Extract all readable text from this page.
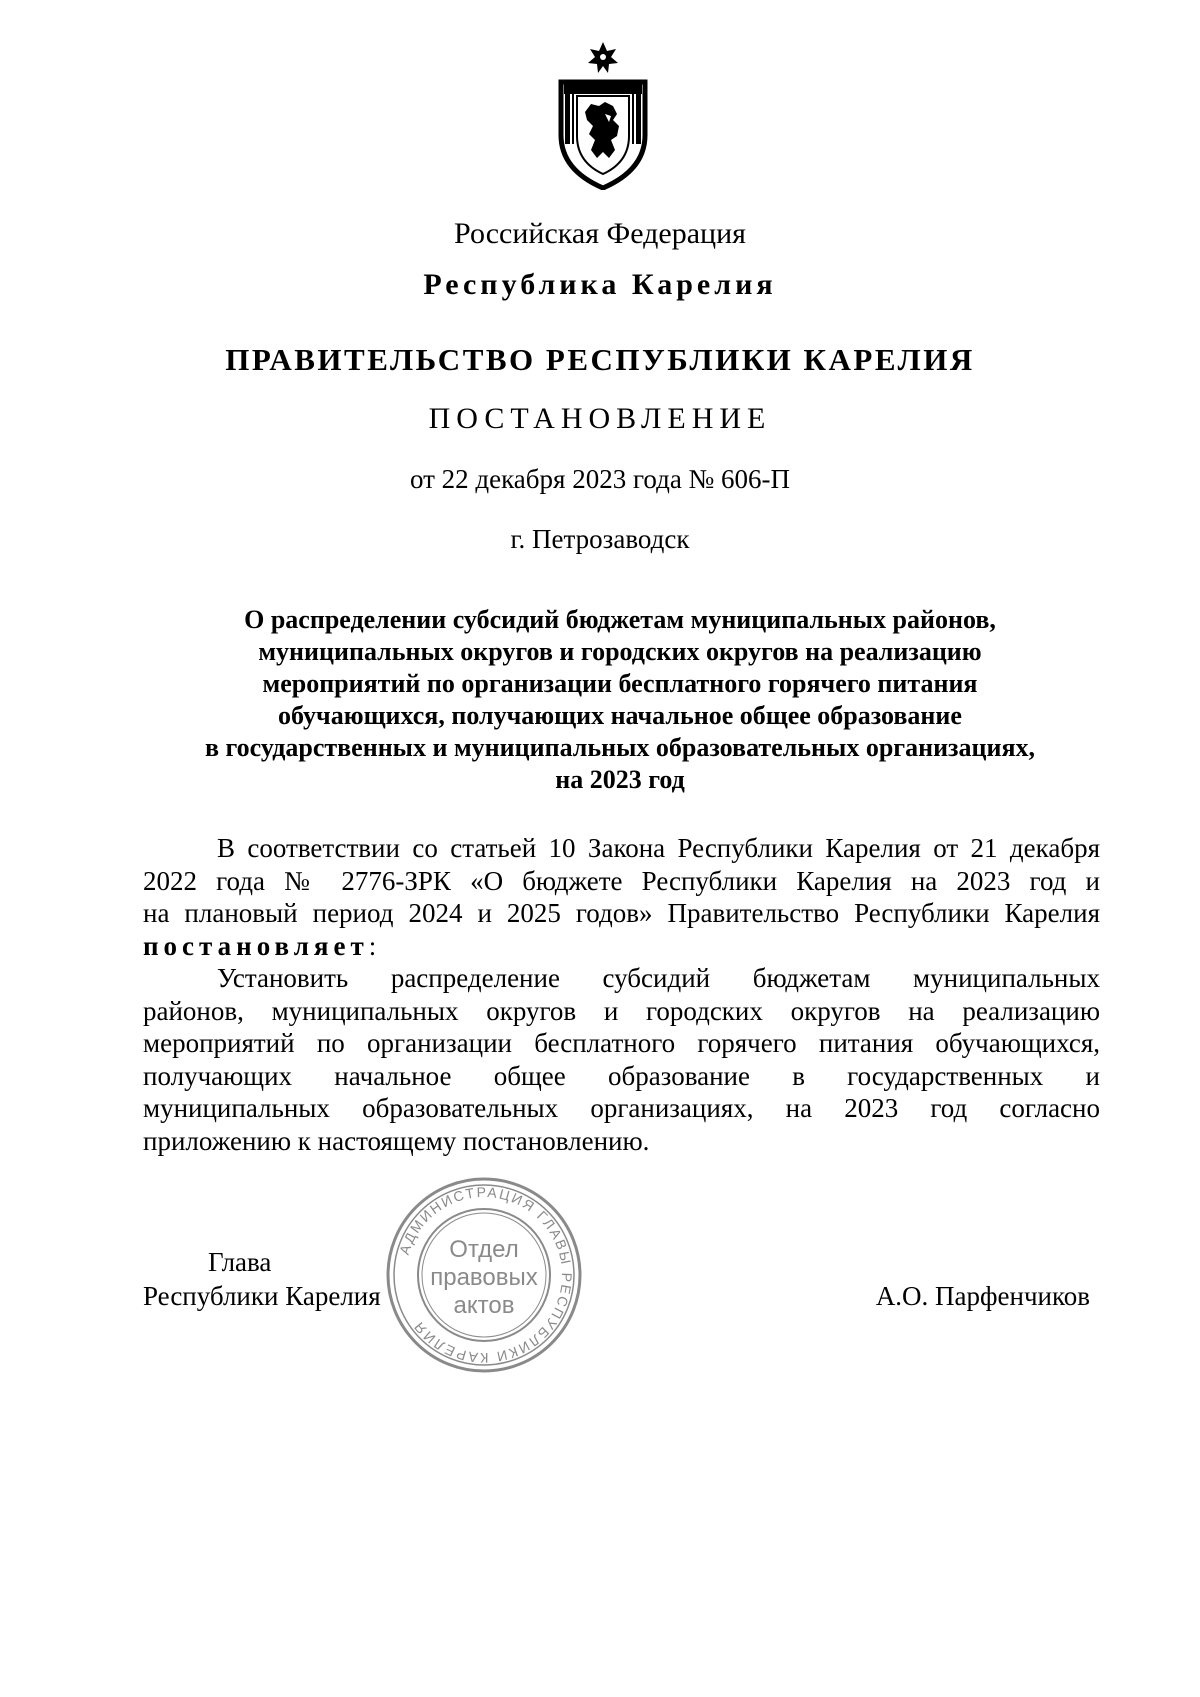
Российская Федерация
Республика Карелия
ПРАВИТЕЛЬСТВО РЕСПУБЛИКИ КАРЕЛИЯ
ПОСТАНОВЛЕНИЕ
от 22 декабря 2023 года № 606-П
г. Петрозаводск
О распределении субсидий бюджетам муниципальных районов,
муниципальных округов и городских округов на реализацию
мероприятий по организации бесплатного горячего питания
обучающихся, получающих начальное общее образование
в государственных и муниципальных образовательных организациях,
на 2023 год
В соответствии со статьей 10 Закона Республики Карелия от 21 декабря
2022 года № 2776-ЗРК «О бюджете Республики Карелия на 2023 год и
на плановый период 2024 и 2025 годов» Правительство Республики Карелия
постановляет:
Установить распределение субсидий бюджетам муниципальных
районов, муниципальных округов и городских округов на реализацию
мероприятий по организации бесплатного горячего питания обучающихся,
получающих начальное общее образование в государственных и
муниципальных образовательных организациях, на 2023 год согласно
приложению к настоящему постановлению.
Глава
Республики Карелия	А.О. Парфенчиков
АДМИНИСТРАЦИЯ ГЛАВЫ РЕСПУБЛИКИ КАРЕЛИЯ
Отдел
правовых
актов
